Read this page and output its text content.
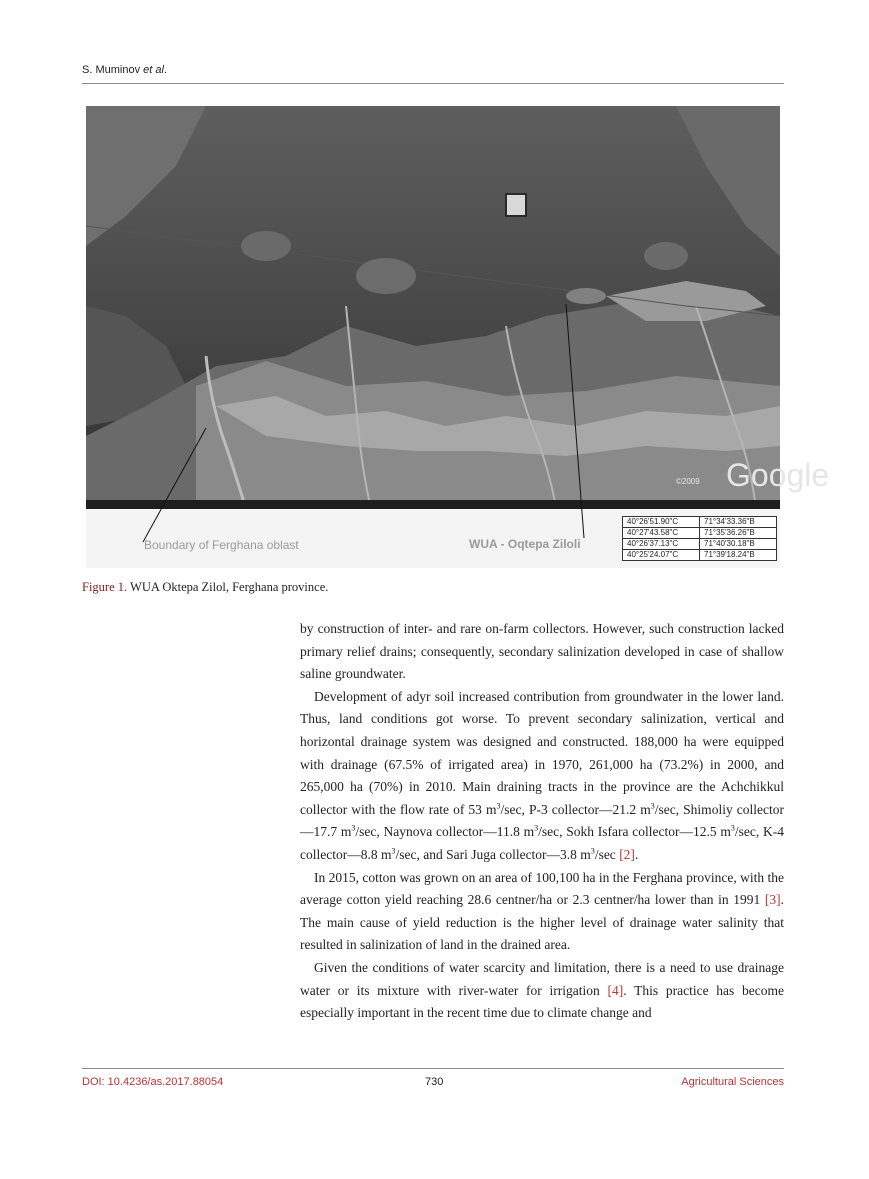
S. Muminov et al.
Google
©2009
Boundary of Ferghana oblast	WUA - Oqtepa Ziloli
40°26'51.90"C	71°34'33.36"B
40°27'43.58"C	71°35'36.26"B
40°26'37.13"C	71°40'30.18"B
40°25'24.07"C	71°39'18.24"B
Figure 1. WUA Oktepa Zilol, Ferghana province.

by construction of inter- and rare on-farm collectors. However, such construction lacked primary relief drains; consequently, secondary salinization developed in case of shallow saline groundwater.

Development of adyr soil increased contribution from groundwater in the lower land. Thus, land conditions got worse. To prevent secondary salinization, vertical and horizontal drainage system was designed and constructed. 188,000 ha were equipped with drainage (67.5% of irrigated area) in 1970, 261,000 ha (73.2%) in 2000, and 265,000 ha (70%) in 2010. Main draining tracts in the province are the Achchikkul collector with the flow rate of 53 $m^3/\sec$, P-3 collector—21.2 $m^3/\sec$, Shimoliy collector—17.7 $m^3/\sec$, Naynova collector—11.8 $m^3/\sec$, Sokh Isfara collector—12.5 $m^3/\sec$, K-4 collector—8.8 $m^3/\sec$, and Sari Juga collector—3.8 $m^3/\sec$ [2].

In 2015, cotton was grown on an area of 100,100 ha in the Ferghana province, with the average cotton yield reaching 28.6 centner/ha or 2.3 centner/ha lower than in 1991 [3]. The main cause of yield reduction is the higher level of drainage water salinity that resulted in salinization of land in the drained area.

Given the conditions of water scarcity and limitation, there is a need to use drainage water or its mixture with river-water for irrigation [4]. This practice has become especially important in the recent time due to climate change and

DOI: 10.4236/as.2017.88054	730	Agricultural Sciences
